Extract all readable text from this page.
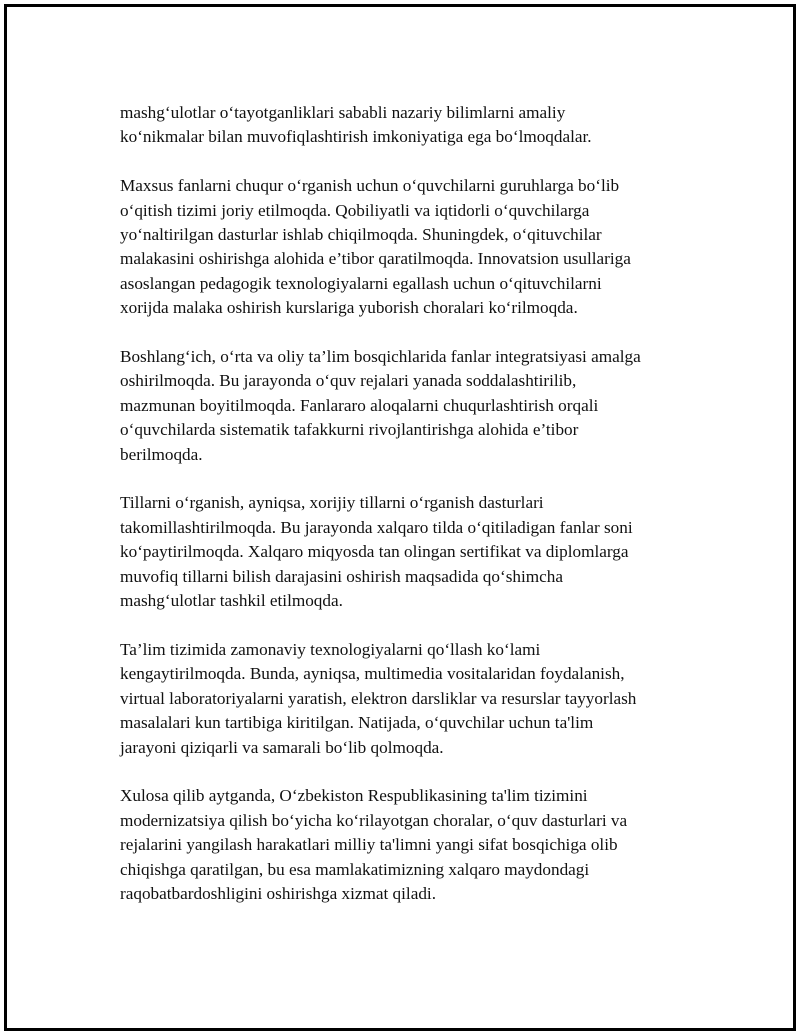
mashg‘ulotlar o‘tayotganliklari sababli nazariy bilimlarni amaliy
ko‘nikmalar bilan muvofiqlashtirish imkoniyatiga ega bo‘lmoqdalar.

Maxsus fanlarni chuqur o‘rganish uchun o‘quvchilarni guruhlarga bo‘lib
o‘qitish tizimi joriy etilmoqda. Qobiliyatli va iqtidorli o‘quvchilarga
yo‘naltirilgan dasturlar ishlab chiqilmoqda. Shuningdek, o‘qituvchilar
malakasini oshirishga alohida e’tibor qaratilmoqda. Innovatsion usullariga
asoslangan pedagogik texnologiyalarni egallash uchun o‘qituvchilarni
xorijda malaka oshirish kurslariga yuborish choralari ko‘rilmoqda.

Boshlang‘ich, o‘rta va oliy ta’lim bosqichlarida fanlar integratsiyasi amalga
oshirilmoqda. Bu jarayonda o‘quv rejalari yanada soddalashtirilib,
mazmunan boyitilmoqda. Fanlararo aloqalarni chuqurlashtirish orqali
o‘quvchilarda sistematik tafakkurni rivojlantirishga alohida e’tibor
berilmoqda.

Tillarni o‘rganish, ayniqsa, xorijiy tillarni o‘rganish dasturlari
takomillashtirilmoqda. Bu jarayonda xalqaro tilda o‘qitiladigan fanlar soni
ko‘paytirilmoqda. Xalqaro miqyosda tan olingan sertifikat va diplomlarga
muvofiq tillarni bilish darajasini oshirish maqsadida qo‘shimcha
mashg‘ulotlar tashkil etilmoqda.

Ta’lim tizimida zamonaviy texnologiyalarni qo‘llash ko‘lami
kengaytirilmoqda. Bunda, ayniqsa, multimedia vositalaridan foydalanish,
virtual laboratoriyalarni yaratish, elektron darsliklar va resurslar tayyorlash
masalalari kun tartibiga kiritilgan. Natijada, o‘quvchilar uchun ta'lim
jarayoni qiziqarli va samarali bo‘lib qolmoqda.

Xulosa qilib aytganda, O‘zbekiston Respublikasining ta'lim tizimini
modernizatsiya qilish bo‘yicha ko‘rilayotgan choralar, o‘quv dasturlari va
rejalarini yangilash harakatlari milliy ta'limni yangi sifat bosqichiga olib
chiqishga qaratilgan, bu esa mamlakatimizning xalqaro maydondagi
raqobatbardoshligini oshirishga xizmat qiladi.
